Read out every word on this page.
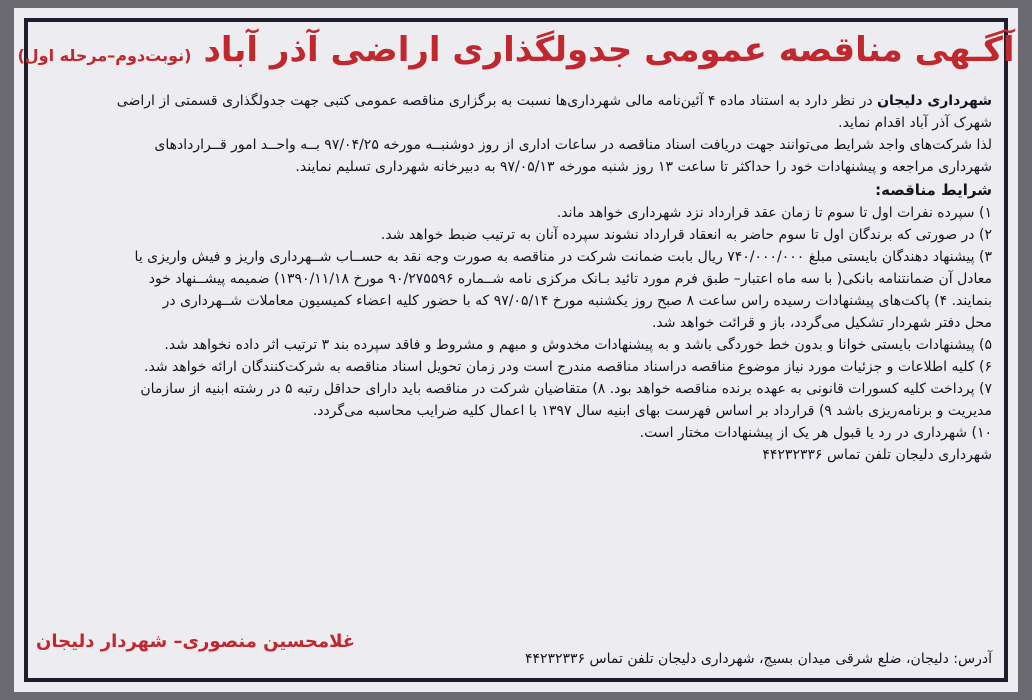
آگـهی مناقصه عمومی جدولگذاری اراضی آذر آباد
(نوبت‌دوم–مرحله اول)
شهرداری دلیجان در نظر دارد به استناد ماده ۴ آئین‌نامه مالی شهرداری‌ها نسبت به برگزاری مناقصه عمومی کتبی جهت جدولگذاری قسمتی از اراضی
شهرک آذر آباد اقدام نماید.
لذا شرکت‌های واجد شرایط می‌توانند جهت دریافت اسناد مناقصه در ساعات اداری از روز دوشنبــه مورخه ۹۷/۰۴/۲۵ بــه واحــد امور قــراردادهای
شهرداری مراجعه و پیشنهادات خود را حداکثر تا ساعت ۱۳ روز شنبه مورخه ۹۷/۰۵/۱۳ به دبیرخانه شهرداری تسلیم نمایند.
شرایط مناقصه:
۱) سپرده نفرات اول تا سوم تا زمان عقد قرارداد نزد شهرداری خواهد ماند.
۲) در صورتی که برندگان اول تا سوم حاضر به انعقاد قرارداد نشوند سپرده آنان به ترتیب ضبط خواهد شد.
۳) پیشنهاد دهندگان بایستی مبلغ ۷۴۰/۰۰۰/۰۰۰ ریال بابت ضمانت شرکت در مناقصه به صورت وجه نقد به حســاب شــهرداری واریز و فیش واریزی یا
معادل آن ضمانتنامه بانکی( با سه ماه اعتبار– طبق فرم مورد تائید بـانک مرکزی نامه شــماره ۹۰/۲۷۵۵۹۶ مورخ ۱۳۹۰/۱۱/۱۸) ضمیمه پیشــنهاد خود
بنمایند. ۴) پاکت‌های پیشنهادات رسیده راس ساعت ۸ صبح روز یکشنبه مورخ ۹۷/۰۵/۱۴ که با حضور کلیه اعضاء کمیسیون معاملات شــهرداری در
محل دفتر شهردار تشکیل می‌گردد، باز و قرائت خواهد شد.
۵) پیشنهادات بایستی خوانا و بدون خط خوردگی باشد و به پیشنهادات مخدوش و مبهم و مشروط و فاقد سپرده بند ۳ ترتیب اثر داده نخواهد شد.
۶) کلیه اطلاعات و جزئیات مورد نیاز موضوع مناقصه دراسناد مناقصه مندرج است ودر زمان تحویل اسناد مناقصه به شرکت‌کنندگان ارائه خواهد شد.
۷) پرداخت کلیه کسورات قانونی به عهده برنده مناقصه خواهد بود. ۸) متقاضیان شرکت در مناقصه باید دارای حداقل رتبه ۵ در رشته ابنیه از سازمان
مدیریت و برنامه‌ریزی باشد ۹) قرارداد بر اساس فهرست بهای ابنیه سال ۱۳۹۷ با اعمال کلیه ضرایب محاسبه می‌گردد.
۱۰) شهرداری در رد یا قبول هر یک از پیشنهادات مختار است.
شهرداری دلیجان تلفن تماس ۴۴۲۳۲۳۳۶
آدرس: دلیجان، ضلع شرقی میدان بسیج، شهرداری دلیجان تلفن تماس ۴۴۲۳۲۳۳۶
غلامحسین منصوری– شهردار دلیجان
